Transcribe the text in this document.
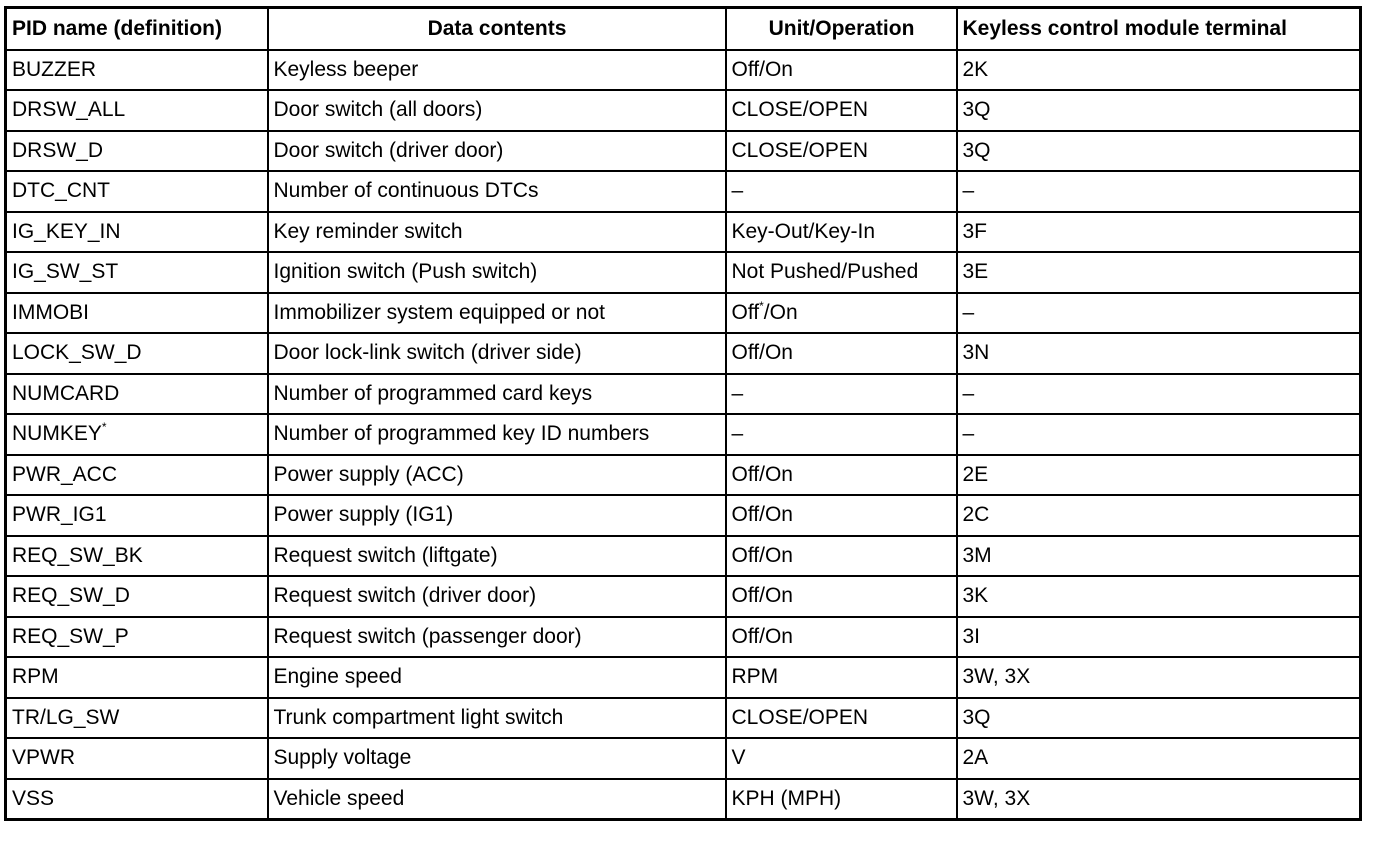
PID name (definition)	Data contents	Unit/Operation	Keyless control module terminal
BUZZER	Keyless beeper	Off/On	2K
DRSW_ALL	Door switch (all doors)	CLOSE/OPEN	3Q
DRSW_D	Door switch (driver door)	CLOSE/OPEN	3Q
DTC_CNT	Number of continuous DTCs	–	–
IG_KEY_IN	Key reminder switch	Key-Out/Key-In	3F
IG_SW_ST	Ignition switch (Push switch)	Not Pushed/Pushed	3E
IMMOBI	Immobilizer system equipped or not	Off*/On	–
LOCK_SW_D	Door lock-link switch (driver side)	Off/On	3N
NUMCARD	Number of programmed card keys	–	–
NUMKEY*	Number of programmed key ID numbers	–	–
PWR_ACC	Power supply (ACC)	Off/On	2E
PWR_IG1	Power supply (IG1)	Off/On	2C
REQ_SW_BK	Request switch (liftgate)	Off/On	3M
REQ_SW_D	Request switch (driver door)	Off/On	3K
REQ_SW_P	Request switch (passenger door)	Off/On	3I
RPM	Engine speed	RPM	3W, 3X
TR/LG_SW	Trunk compartment light switch	CLOSE/OPEN	3Q
VPWR	Supply voltage	V	2A
VSS	Vehicle speed	KPH (MPH)	3W, 3X
